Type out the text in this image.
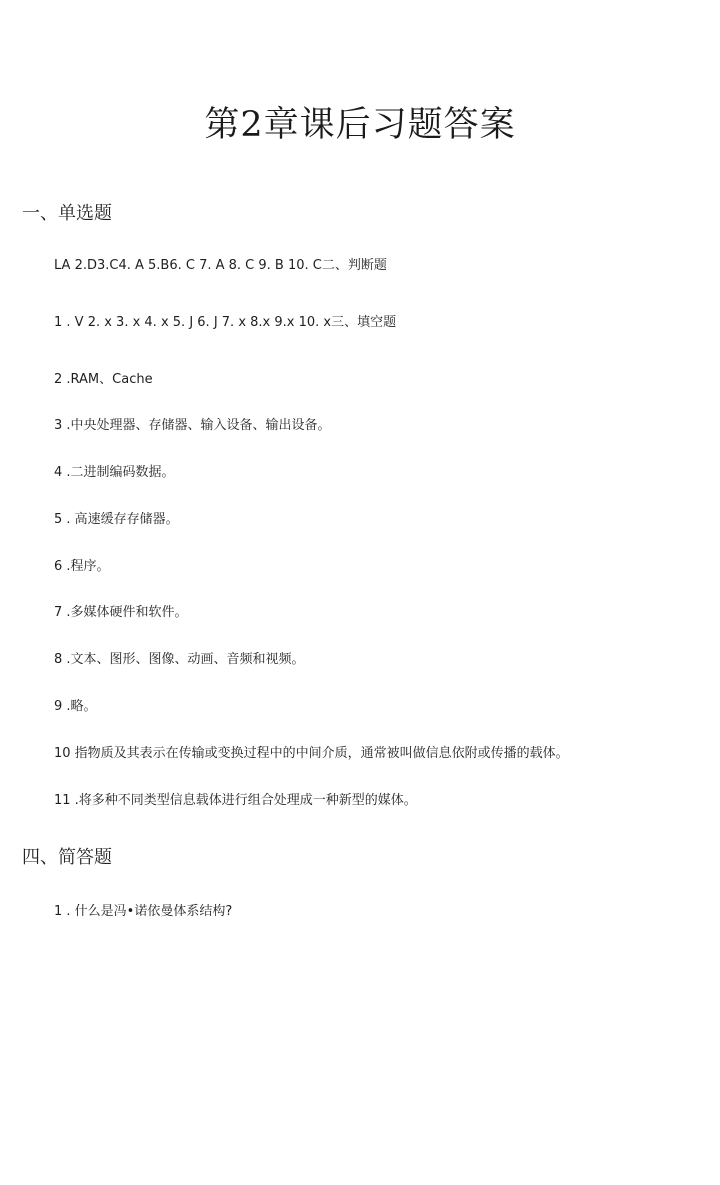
第2章课后习题答案
一、单选题
LA 2.D3.C4. A 5.B6. C 7. A 8. C 9. B 10. C二、判断题
1 . V 2. x 3. x 4. x 5. J 6. J 7. x 8.x 9.x 10. x三、填空题
2 .RAM、Cache
3 .中央处理器、存储器、输入设备、输出设备。
4 .二进制编码数据。
5 . 高速缓存存储器。
6 .程序。
7 .多媒体硬件和软件。
8 .文本、图形、图像、动画、音频和视频。
9 .略。
10 指物质及其表示在传输或变换过程中的中间介质，通常被叫做信息依附或传播的载体。
11 .将多种不同类型信息载体进行组合处理成一种新型的媒体。
四、简答题
1 . 什么是冯•诺依曼体系结构?
